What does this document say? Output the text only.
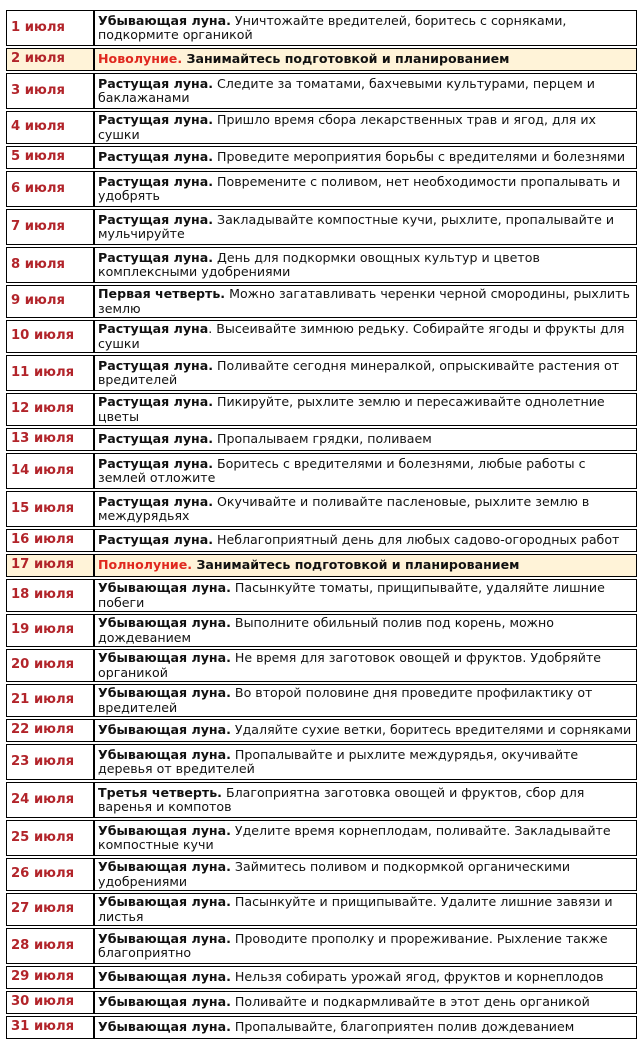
1 июля	Убывающая луна. Уничтожайте вредителей, боритесь с сорняками, подкормите органикой
2 июля	Новолуние. Занимайтесь подготовкой и планированием
3 июля	Растущая луна. Следите за томатами, бахчевыми культурами, перцем и баклажанами
4 июля	Растущая луна. Пришло время сбора лекарственных трав и ягод, для их сушки
5 июля	Растущая луна. Проведите мероприятия борьбы с вредителями и болезнями
6 июля	Растущая луна. Повремените с поливом, нет необходимости пропалывать и удобрять
7 июля	Растущая луна. Закладывайте компостные кучи, рыхлите, пропалывайте и мульчируйте
8 июля	Растущая луна. День для подкормки овощных культур и цветов комплексными удобрениями
9 июля	Первая четверть. Можно загатавливать черенки черной смородины, рыхлить землю
10 июля	Растущая луна. Высеивайте зимнюю редьку. Собирайте ягоды и фрукты для сушки
11 июля	Растущая луна. Поливайте сегодня минералкой, опрыскивайте растения от вредителей
12 июля	Растущая луна. Пикируйте, рыхлите землю и пересаживайте однолетние цветы
13 июля	Растущая луна. Пропалываем грядки, поливаем
14 июля	Растущая луна. Боритесь с вредителями и болезнями, любые работы с землей отложите
15 июля	Растущая луна. Окучивайте и поливайте пасленовые, рыхлите землю в междурядьях
16 июля	Растущая луна. Неблагоприятный день для любых садово-огородных работ
17 июля	Полнолуние. Занимайтесь подготовкой и планированием
18 июля	Убывающая луна. Пасынкуйте томаты, прищипывайте, удаляйте лишние побеги
19 июля	Убывающая луна. Выполните обильный полив под корень, можно дождеванием
20 июля	Убывающая луна. Не время для заготовок овощей и фруктов. Удобряйте органикой
21 июля	Убывающая луна. Во второй половине дня проведите профилактику от вредителей
22 июля	Убывающая луна. Удаляйте сухие ветки, боритесь вредителями и сорняками
23 июля	Убывающая луна. Пропалывайте и рыхлите междурядья, окучивайте деревья от вредителей
24 июля	Третья четверть. Благоприятна заготовка овощей и фруктов, сбор для варенья и компотов
25 июля	Убывающая луна. Уделите время корнеплодам, поливайте. Закладывайте компостные кучи
26 июля	Убывающая луна. Займитесь поливом и подкормкой органическими удобрениями
27 июля	Убывающая луна. Пасынкуйте и прищипывайте. Удалите лишние завязи и листья
28 июля	Убывающая луна. Проводите прополку и прореживание. Рыхление также благоприятно
29 июля	Убывающая луна. Нельзя собирать урожай ягод, фруктов и корнеплодов
30 июля	Убывающая луна. Поливайте и подкармливайте в этот день органикой
31 июля	Убывающая луна. Пропалывайте, благоприятен полив дождеванием
